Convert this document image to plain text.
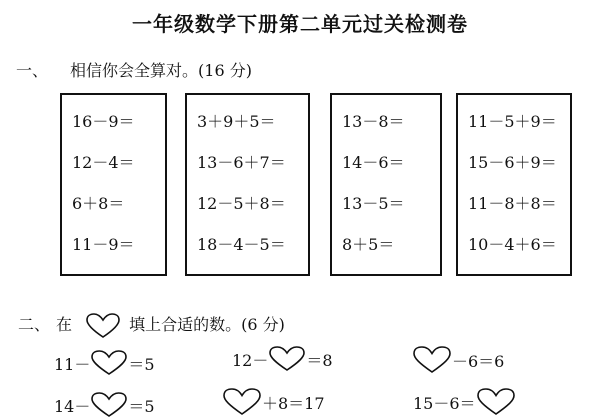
一年级数学下册第二单元过关检测卷
一、 相信你会全算对。(16 分)
16－9＝
12－4＝
6＋8＝
11－9＝
3＋9＋5＝
13－6＋7＝
12－5＋8＝
18－4－5＝
13－8＝
14－6＝
13－5＝
8＋5＝
11－5＋9＝
15－6＋9＝
11－8＋8＝
10－4＋6＝
二、 在	填上合适的数。(6 分)
11－ ＝5	12－ ＝8	－6＝6
14－ ＝5	＋8＝17	15－6＝
